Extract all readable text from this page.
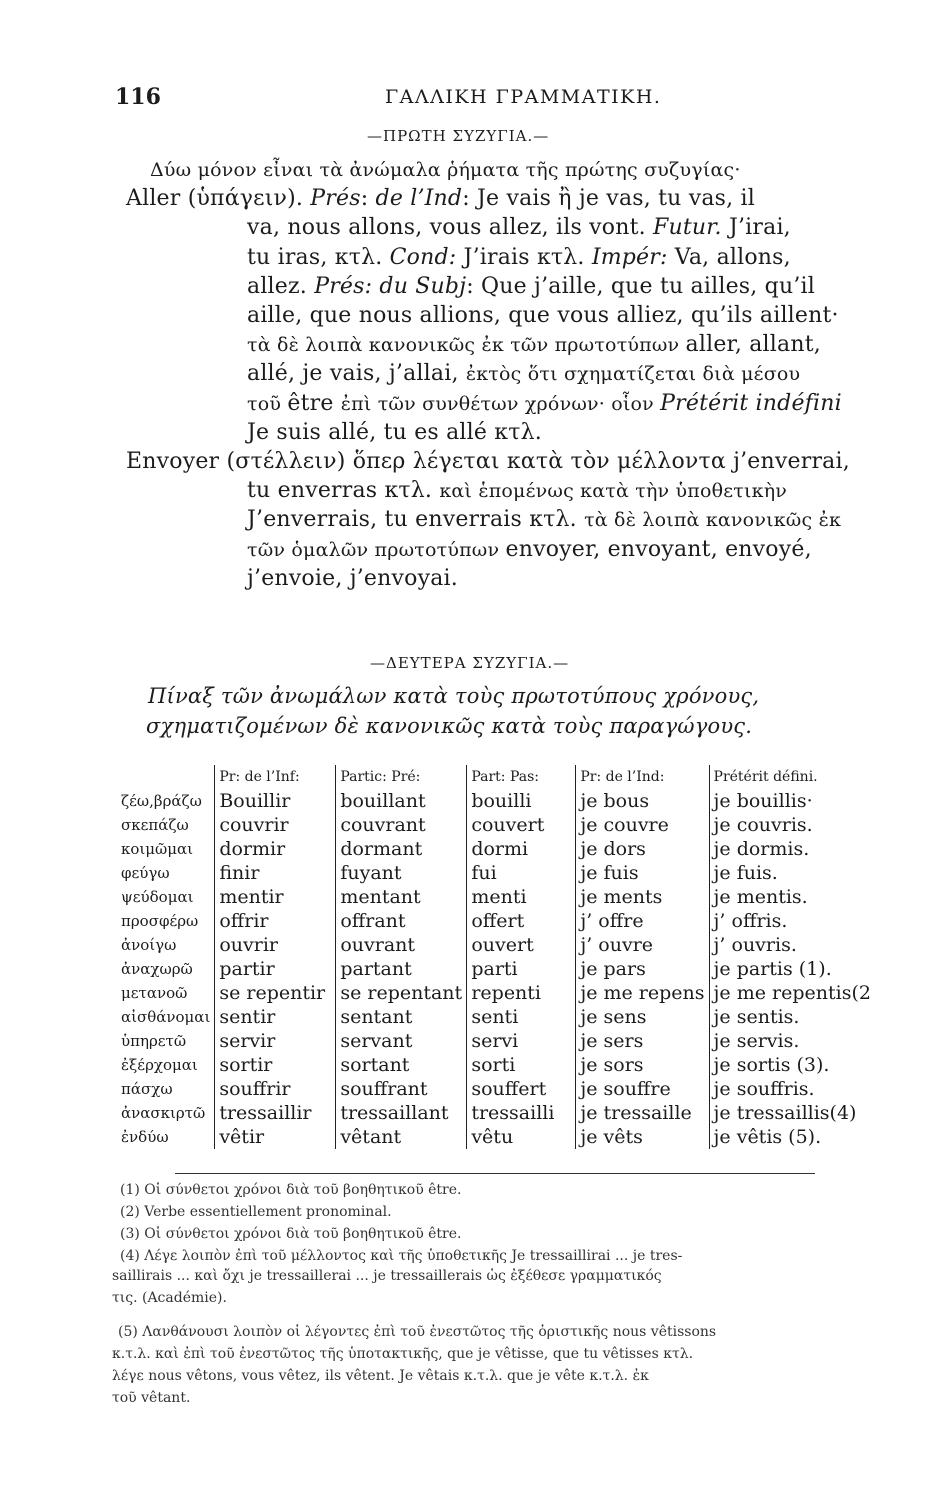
116	ΓΑΛΛΙΚΗ ΓΡΑΜΜΑΤΙΚΗ.
—ΠΡΩΤΗ ΣΥΖΥΓΙΑ.—
Δύω μόνον εἶναι τὰ ἀνώμαλα ῥήματα τῆς πρώτης συζυγίας·
Aller (ὑπάγειν). Prés: de l’Ind: Je vais ἢ je vas, tu vas, il
va, nous allons, vous allez, ils vont. Futur. J’irai,
tu iras, κτλ. Cond: J’irais κτλ. Impér: Va, allons,
allez. Prés: du Subj: Que j’aille, que tu ailles, qu’il
aille, que nous allions, que vous alliez, qu’ils aillent·
τὰ δὲ λοιπὰ κανονικῶς ἐκ τῶν πρωτοτύπων aller, allant,
allé, je vais, j’allai, ἐκτὸς ὅτι σχηματίζεται διὰ μέσου
τοῦ être ἐπὶ τῶν συνθέτων χρόνων· οἷον Prétérit indéfini
Je suis allé, tu es allé κτλ.
Envoyer (στέλλειν) ὅπερ λέγεται κατὰ τὸν μέλλοντα j’enverrai,
tu enverras κτλ. καὶ ἑπομένως κατὰ τὴν ὑποθετικὴν
J’enverrais, tu enverrais κτλ. τὰ δὲ λοιπὰ κανονικῶς ἐκ
τῶν ὁμαλῶν πρωτοτύπων envoyer, envoyant, envoyé,
j’envoie, j’envoyai.
—ΔΕΥΤΕΡΑ ΣΥΖΥΓΙΑ.—
Πίναξ τῶν ἀνωμάλων κατὰ τοὺς πρωτοτύπους χρόνους,
σχηματιζομένων δὲ κανονικῶς κατὰ τοὺς παραγώγους.
	Pr: de l’Inf:	Partic: Pré:	Part: Pas:	Pr: de l’Ind:	Prétérit défini.
ζέω,βράζω	Bouillir	bouillant	bouilli	je bous	je bouillis·
σκεπάζω	couvrir	couvrant	couvert	je couvre	je couvris.
κοιμῶμαι	dormir	dormant	dormi	je dors	je dormis.
φεύγω	finir	fuyant	fui	je fuis	je fuis.
ψεύδομαι	mentir	mentant	menti	je ments	je mentis.
προσφέρω	offrir	offrant	offert	j’ offre	j’ offris.
ἀνοίγω	ouvrir	ouvrant	ouvert	j’ ouvre	j’ ouvris.
ἀναχωρῶ	partir	partant	parti	je pars	je partis (1).
μετανοῶ	se repentir	se repentant	repenti	je me repens	je me repentis(2
αἰσθάνομαι	sentir	sentant	senti	je sens	je sentis.
ὑπηρετῶ	servir	servant	servi	je sers	je servis.
ἐξέρχομαι	sortir	sortant	sorti	je sors	je sortis (3).
πάσχω	souffrir	souffrant	souffert	je souffre	je souffris.
ἀνασκιρτῶ	tressaillir	tressaillant	tressailli	je tressaille	je tressaillis(4)
ἐνδύω	vêtir	vêtant	vêtu	je vêts	je vêtis (5).
(1) Οἱ σύνθετοι χρόνοι διὰ τοῦ βοηθητικοῦ être.
(2) Verbe essentiellement pronominal.
(3) Οἱ σύνθετοι χρόνοι διὰ τοῦ βοηθητικοῦ être.
(4) Λέγε λοιπὸν ἐπὶ τοῦ μέλλοντος καὶ τῆς ὑποθετικῆς Je tressaillirai ... je tres-
saillirais ... καὶ ὄχι je tressaillerai ... je tressaillerais ὡς ἐξέθεσε γραμματικός
τις. (Académie).
(5) Λανθάνουσι λοιπὸν οἱ λέγοντες ἐπὶ τοῦ ἐνεστῶτος τῆς ὁριστικῆς nous vêtissons
κ.τ.λ. καὶ ἐπὶ τοῦ ἐνεστῶτος τῆς ὑποτακτικῆς, que je vêtisse, que tu vêtisses κτλ.
λέγε nous vêtons, vous vêtez, ils vêtent. Je vêtais κ.τ.λ. que je vête κ.τ.λ. ἐκ
τοῦ vêtant.
